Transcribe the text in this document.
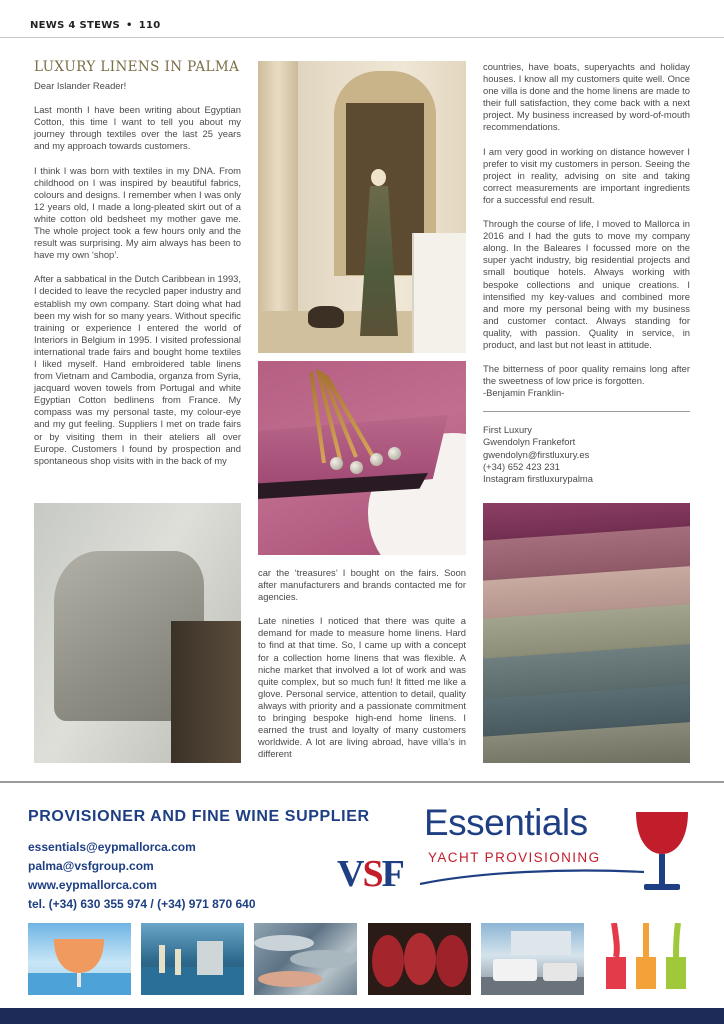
NEWS 4 STEWS • 110
LUXURY LINENS IN PALMA
Dear Islander Reader!

Last month I have been writing about Egyptian Cotton, this time I want to tell you about my journey through textiles over the last 25 years and my approach towards customers.

I think I was born with textiles in my DNA. From childhood on I was inspired by beautiful fabrics, colours and designs. I remember when I was only 12 years old, I made a long-pleated skirt out of a white cotton old bedsheet my mother gave me. The whole project took a few hours only and the result was surprising. My aim always has been to have my own ‘shop’.

After a sabbatical in the Dutch Caribbean in 1993, I decided to leave the recycled paper industry and establish my own company. Start doing what had been my wish for so many years. Without specific training or experience I entered the world of Interiors in Belgium in 1995. I visited professional international trade fairs and bought home textiles I liked myself. Hand embroidered table linens from Vietnam and Cambodia, organza from Syria, jacquard woven towels from Portugal and white Egyptian Cotton bedlinens from France. My compass was my personal taste, my colour-eye and my gut feeling. Suppliers I met on trade fairs or by visiting them in their ateliers all over Europe. Customers I found by prospection and spontaneous shop visits with in the back of my

countries, have boats, superyachts and holiday houses. I know all my customers quite well. Once one villa is done and the home linens are made to their full satisfaction, they come back with a next project. My business increased by word-of-mouth recommendations.

I am very good in working on distance however I prefer to visit my customers in person. Seeing the project in reality, advising on site and taking correct measurements are important ingredients for a successful end result.

Through the course of life, I moved to Mallorca in 2016 and I had the guts to move my company along. In the Baleares I focussed more on the super yacht industry, big residential projects and small boutique hotels. Always working with bespoke collections and unique creations. I intensified my key-values and combined more and more my personal being with my business and customer contact. Always standing for quality, with passion. Quality in service, in product, and last but not least in attitude.

The bitterness of poor quality remains long after the sweetness of low price is forgotten.

-Benjamin Franklin-

First Luxury

Gwendolyn Frankefort

gwendolyn@firstluxury.es

(+34) 652 423 231

Instagram firstluxurypalma

car the ‘treasures’ I bought on the fairs. Soon after manufacturers and brands contacted me for agencies.

Late nineties I noticed that there was quite a demand for made to measure home linens. Hard to find at that time. So, I came up with a concept for a collection home linens that was flexible. A niche market that involved a lot of work and was quite complex, but so much fun! It fitted me like a glove. Personal service, attention to detail, quality always with priority and a passionate commitment to bringing bespoke high-end home linens. I earned the trust and loyalty of many customers worldwide. A lot are living abroad, have villa’s in different

PROVISIONER AND FINE WINE SUPPLIER
essentials@eypmallorca.com
palma@vsfgroup.com
www.eypmallorca.com
tel. (+34) 630 355 974 / (+34) 971 870 640
VSF
Essentials
YACHT PROVISIONING
